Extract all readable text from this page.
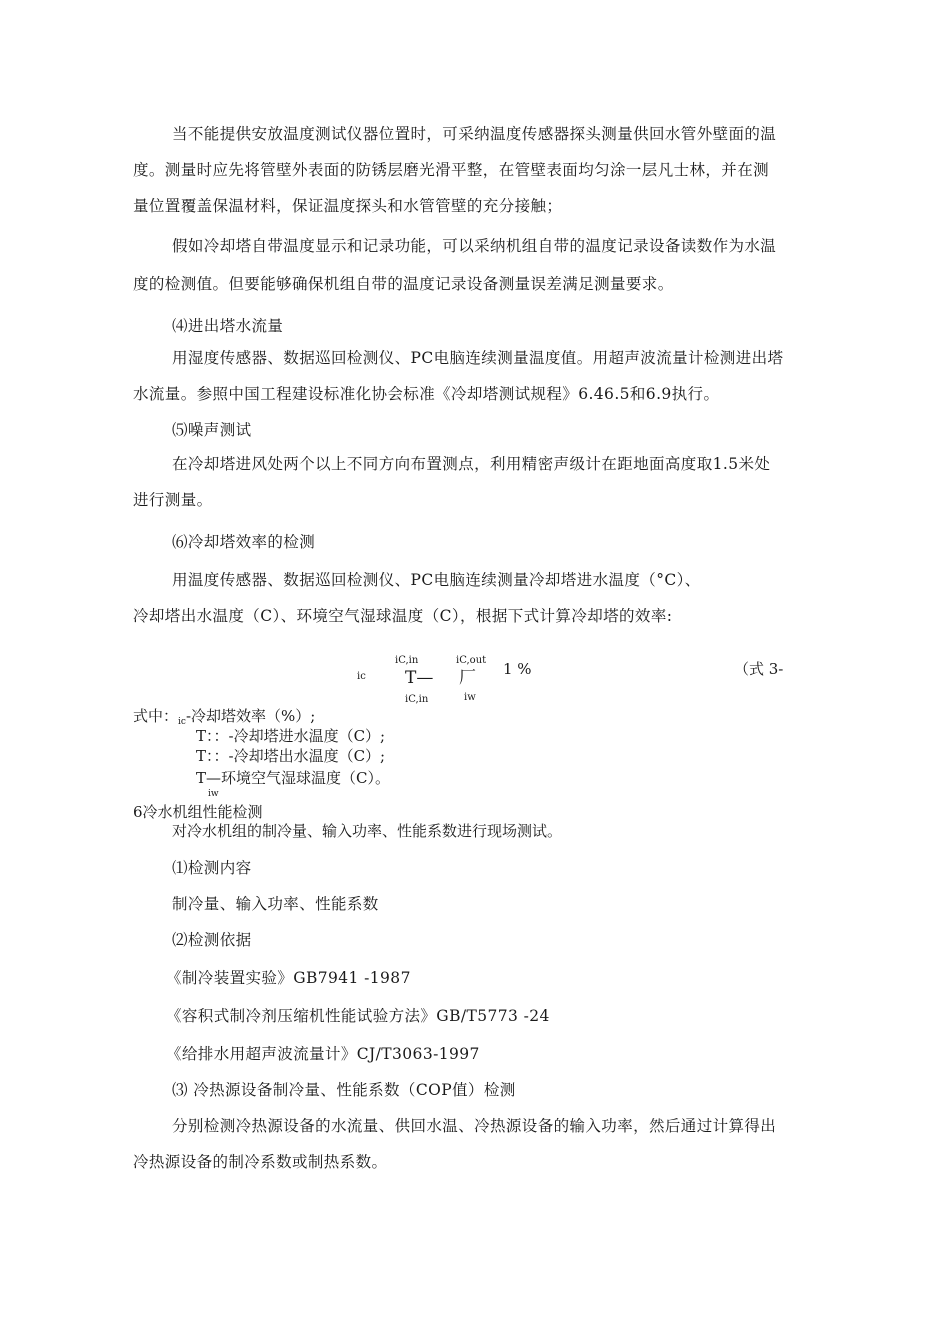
当不能提供安放温度测试仪器位置时，可采纳温度传感器探头测量供回水管外壁面的温
度。测量时应先将管壁外表面的防锈层磨光滑平整，在管壁表面均匀涂一层凡士林，并在测
量位置覆盖保温材料，保证温度探头和水管管壁的充分接触；
假如冷却塔自带温度显示和记录功能，可以采纳机组自带的温度记录设备读数作为水温
度的检测值。但要能够确保机组自带的温度记录设备测量误差满足测量要求。
⑷进出塔水流量
用湿度传感器、数据巡回检测仪、PC电脑连续测量温度值。用超声波流量计检测进出塔
水流量。参照中国工程建设标准化协会标准《冷却塔测试规程》6.46.5和6.9执行。
⑸噪声测试
在冷却塔进风处两个以上不同方向布置测点，利用精密声级计在距地面高度取1.5米处
进行测量。
⑹冷却塔效率的检测
用温度传感器、数据巡回检测仪、PC电脑连续测量冷却塔进水温度（°C）、
冷却塔出水温度（C）、环境空气湿球温度（C），根据下式计算冷却塔的效率:
ic
iC,in
T—
iC,in
iC,out
厂
iw
1 %	（式 3-
式中：$_{ic}$-冷却塔效率（%）;
T：：-冷却塔进水温度（C）;
T：：-冷却塔出水温度（C）;
T—环境空气湿球温度（C）。
iw
6冷水机组性能检测
对冷水机组的制冷量、输入功率、性能系数进行现场测试。
⑴检测内容
制冷量、输入功率、性能系数
⑵检测依据
《制冷装置实验》GB7941 -1987
《容积式制冷剂压缩机性能试验方法》GB/T5773 -24
《给排水用超声波流量计》CJ/T3063-1997
⑶ 冷热源设备制冷量、性能系数（COP值）检测
分别检测冷热源设备的水流量、供回水温、冷热源设备的输入功率，然后通过计算得出
冷热源设备的制冷系数或制热系数。
